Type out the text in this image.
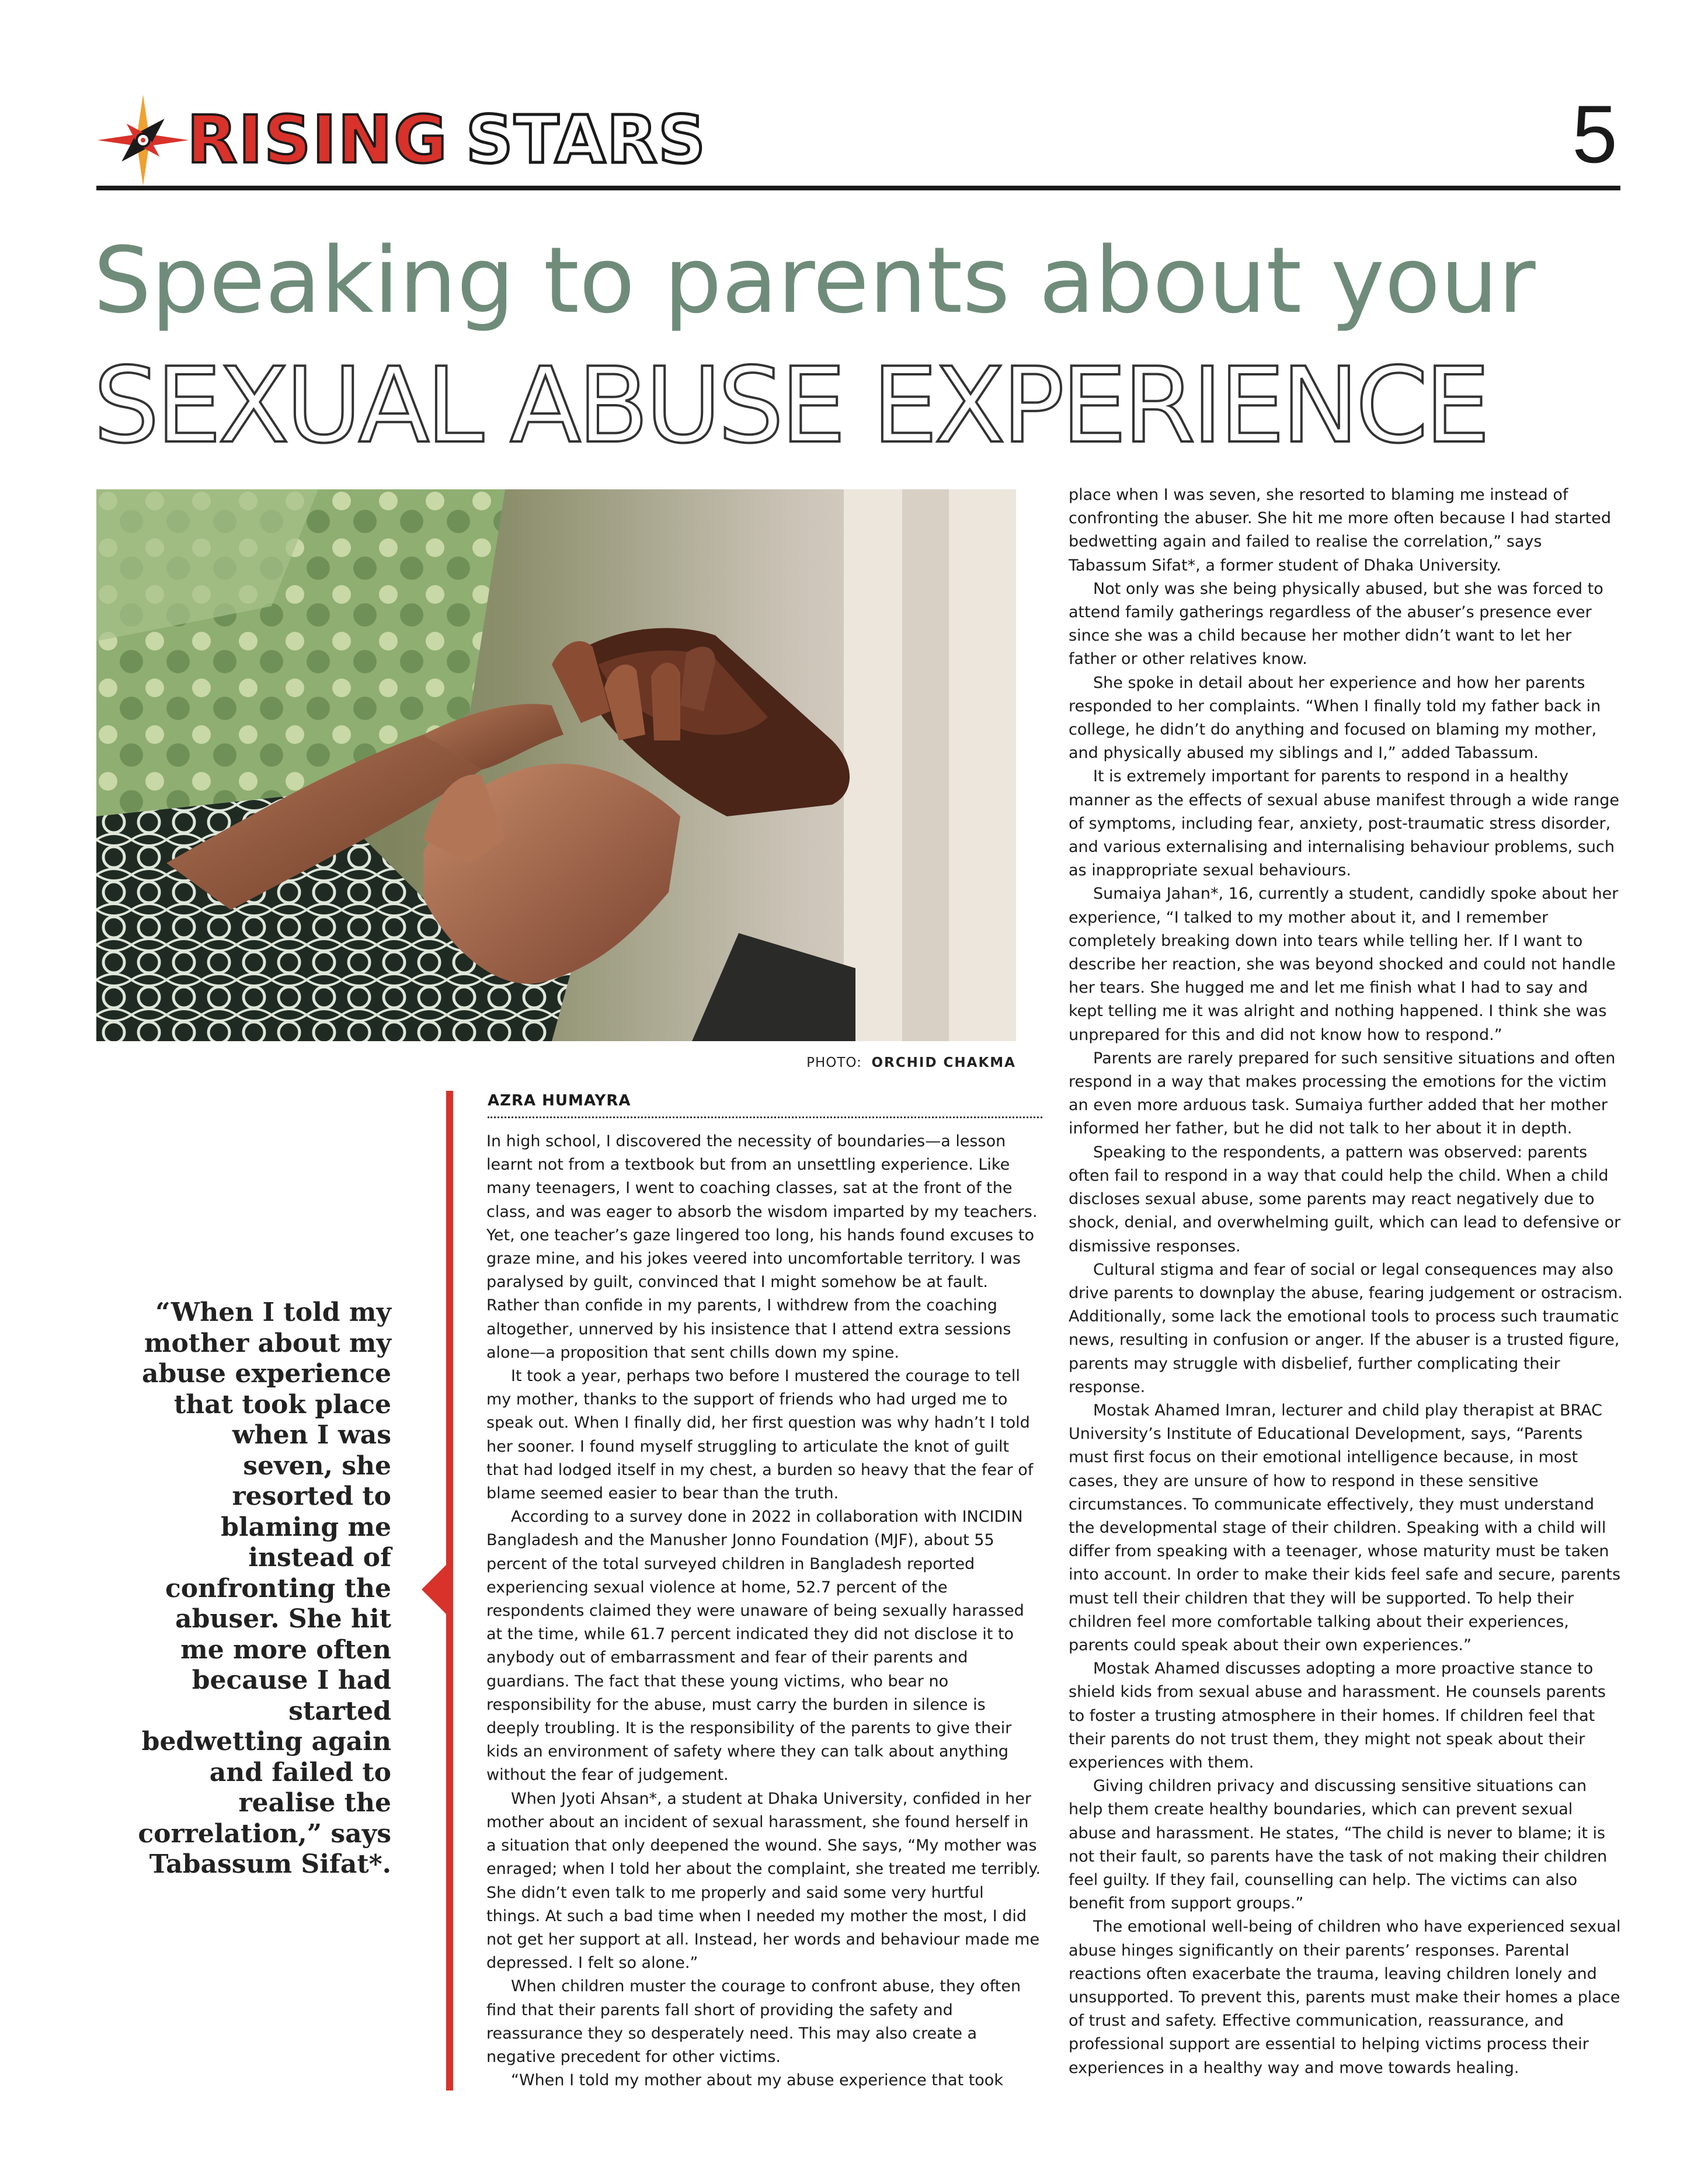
RISING STARS	5
Speaking to parents about your
SEXUAL ABUSE EXPERIENCE
PHOTO: ORCHID CHAKMA
AZRA HUMAYRA
“When I told my mother about my abuse experience that took place when I was seven, she resorted to blaming me instead of confronting the abuser. She hit me more often because I had started bedwetting again and failed to realise the correlation,” says Tabassum Sifat*.

In high school, I discovered the necessity of boundaries—a lesson learnt not from a textbook but from an unsettling experience. Like many teenagers, I went to coaching classes, sat at the front of the class, and was eager to absorb the wisdom imparted by my teachers. Yet, one teacher’s gaze lingered too long, his hands found excuses to graze mine, and his jokes veered into uncomfortable territory. I was paralysed by guilt, convinced that I might somehow be at fault. Rather than confide in my parents, I withdrew from the coaching altogether, unnerved by his insistence that I attend extra sessions alone—a proposition that sent chills down my spine.

It took a year, perhaps two before I mustered the courage to tell my mother, thanks to the support of friends who had urged me to speak out. When I finally did, her first question was why hadn’t I told her sooner. I found myself struggling to articulate the knot of guilt that had lodged itself in my chest, a burden so heavy that the fear of blame seemed easier to bear than the truth.

According to a survey done in 2022 in collaboration with INCIDIN Bangladesh and the Manusher Jonno Foundation (MJF), about 55 percent of the total surveyed children in Bangladesh reported experiencing sexual violence at home, 52.7 percent of the respondents claimed they were unaware of being sexually harassed at the time, while 61.7 percent indicated they did not disclose it to anybody out of embarrassment and fear of their parents and guardians. The fact that these young victims, who bear no responsibility for the abuse, must carry the burden in silence is deeply troubling. It is the responsibility of the parents to give their kids an environment of safety where they can talk about anything without the fear of judgement.

When Jyoti Ahsan*, a student at Dhaka University, confided in her mother about an incident of sexual harassment, she found herself in a situation that only deepened the wound. She says, “My mother was enraged; when I told her about the complaint, she treated me terribly. She didn’t even talk to me properly and said some very hurtful things. At such a bad time when I needed my mother the most, I did not get her support at all. Instead, her words and behaviour made me depressed. I felt so alone.”

When children muster the courage to confront abuse, they often find that their parents fall short of providing the safety and reassurance they so desperately need. This may also create a negative precedent for other victims.

“When I told my mother about my abuse experience that took

place when I was seven, she resorted to blaming me instead of confronting the abuser. She hit me more often because I had started bedwetting again and failed to realise the correlation,” says Tabassum Sifat*, a former student of Dhaka University.

Not only was she being physically abused, but she was forced to attend family gatherings regardless of the abuser’s presence ever since she was a child because her mother didn’t want to let her father or other relatives know.

She spoke in detail about her experience and how her parents responded to her complaints. “When I finally told my father back in college, he didn’t do anything and focused on blaming my mother, and physically abused my siblings and I,” added Tabassum.

It is extremely important for parents to respond in a healthy manner as the effects of sexual abuse manifest through a wide range of symptoms, including fear, anxiety, post-traumatic stress disorder, and various externalising and internalising behaviour problems, such as inappropriate sexual behaviours.

Sumaiya Jahan*, 16, currently a student, candidly spoke about her experience, “I talked to my mother about it, and I remember completely breaking down into tears while telling her. If I want to describe her reaction, she was beyond shocked and could not handle her tears. She hugged me and let me finish what I had to say and kept telling me it was alright and nothing happened. I think she was unprepared for this and did not know how to respond.”

Parents are rarely prepared for such sensitive situations and often respond in a way that makes processing the emotions for the victim an even more arduous task. Sumaiya further added that her mother informed her father, but he did not talk to her about it in depth.

Speaking to the respondents, a pattern was observed: parents often fail to respond in a way that could help the child. When a child discloses sexual abuse, some parents may react negatively due to shock, denial, and overwhelming guilt, which can lead to defensive or dismissive responses.

Cultural stigma and fear of social or legal consequences may also drive parents to downplay the abuse, fearing judgement or ostracism. Additionally, some lack the emotional tools to process such traumatic news, resulting in confusion or anger. If the abuser is a trusted figure, parents may struggle with disbelief, further complicating their response.

Mostak Ahamed Imran, lecturer and child play therapist at BRAC University’s Institute of Educational Development, says, “Parents must first focus on their emotional intelligence because, in most cases, they are unsure of how to respond in these sensitive circumstances. To communicate effectively, they must understand the developmental stage of their children. Speaking with a child will differ from speaking with a teenager, whose maturity must be taken into account. In order to make their kids feel safe and secure, parents must tell their children that they will be supported. To help their children feel more comfortable talking about their experiences, parents could speak about their own experiences.”

Mostak Ahamed discusses adopting a more proactive stance to shield kids from sexual abuse and harassment. He counsels parents to foster a trusting atmosphere in their homes. If children feel that their parents do not trust them, they might not speak about their experiences with them.

Giving children privacy and discussing sensitive situations can help them create healthy boundaries, which can prevent sexual abuse and harassment. He states, “The child is never to blame; it is not their fault, so parents have the task of not making their children feel guilty. If they fail, counselling can help. The victims can also benefit from support groups.”

The emotional well-being of children who have experienced sexual abuse hinges significantly on their parents’ responses. Parental reactions often exacerbate the trauma, leaving children lonely and unsupported. To prevent this, parents must make their homes a place of trust and safety. Effective communication, reassurance, and professional support are essential to helping victims process their experiences in a healthy way and move towards healing.
